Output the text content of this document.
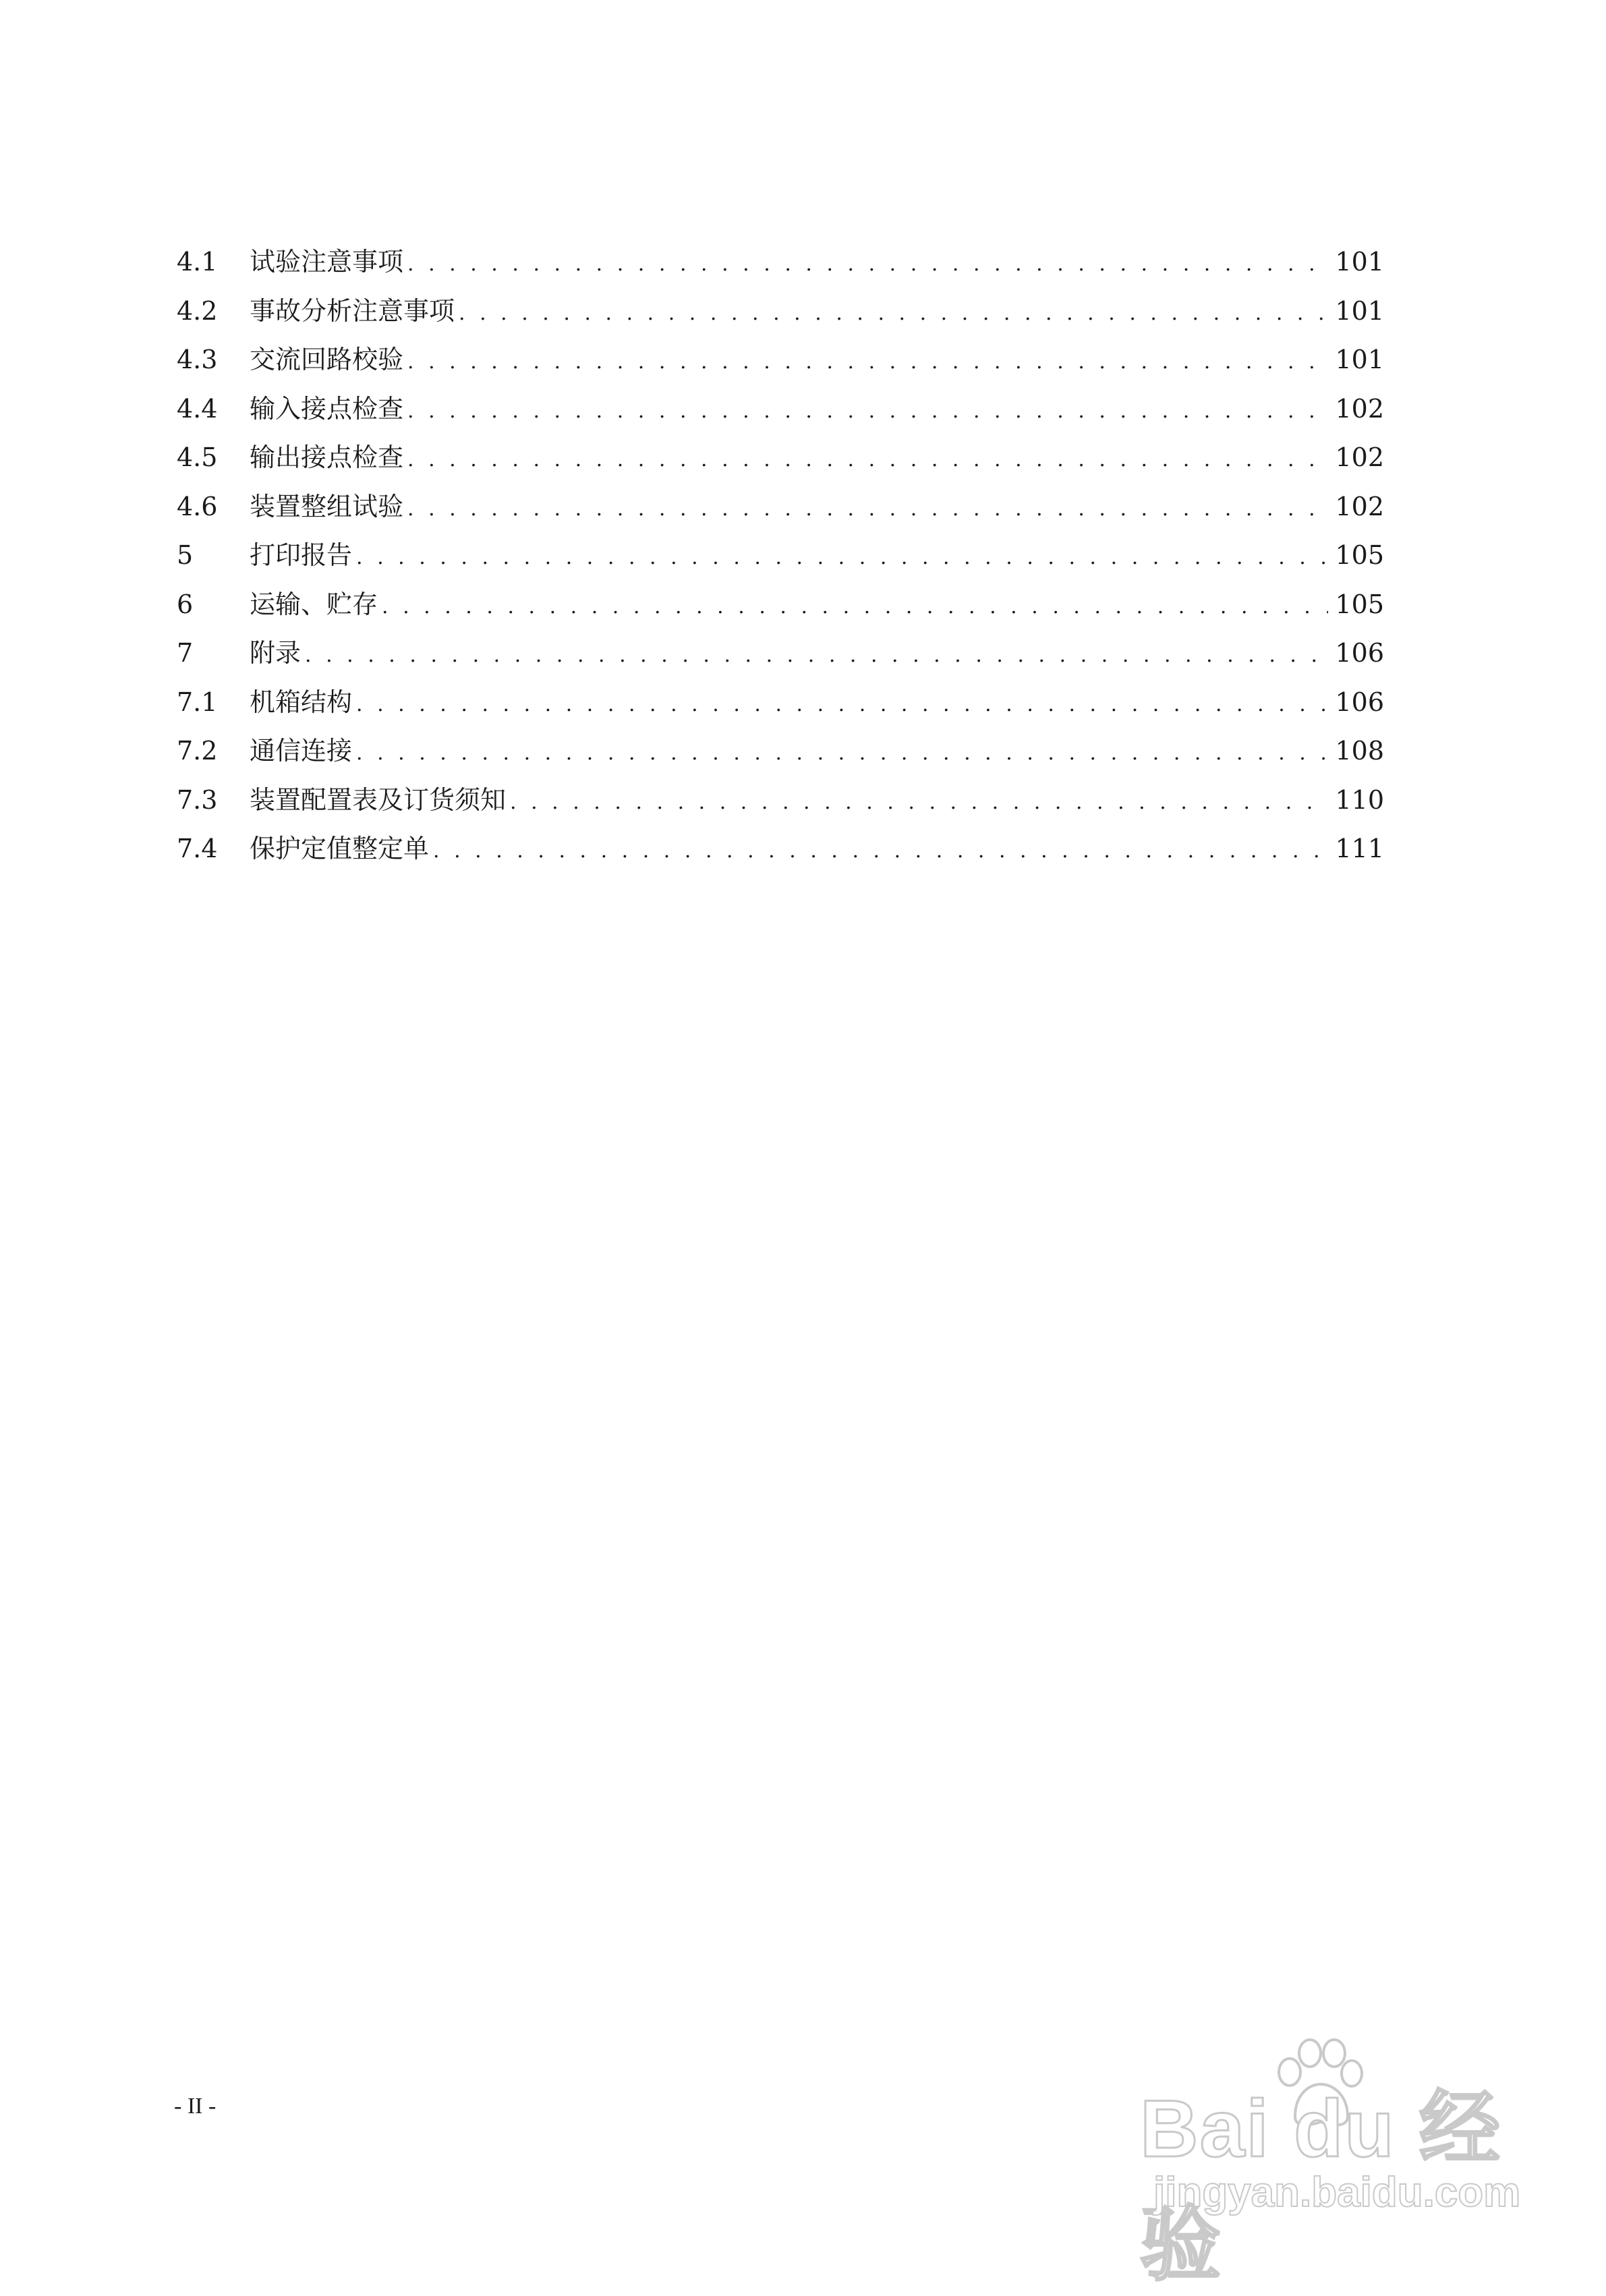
4.1	试验注意事项 . . .	101
4.2	事故分析注意事项 . . .	101
4.3	交流回路校验 . . .	101
4.4	输入接点检查 . . .	102
4.5	输出接点检查 . . .	102
4.6	装置整组试验 . . .	102
5	打印报告 . . .	105
6	运输、贮存 . . .	105
7	附录 . . .	106
7.1	机箱结构 . . .	106
7.2	通信连接 . . .	108
7.3	装置配置表及订货须知 . . .	110
7.4	保护定值整定单 . . .	111
- II -	Bai du 经验
jingyan.baidu.com
